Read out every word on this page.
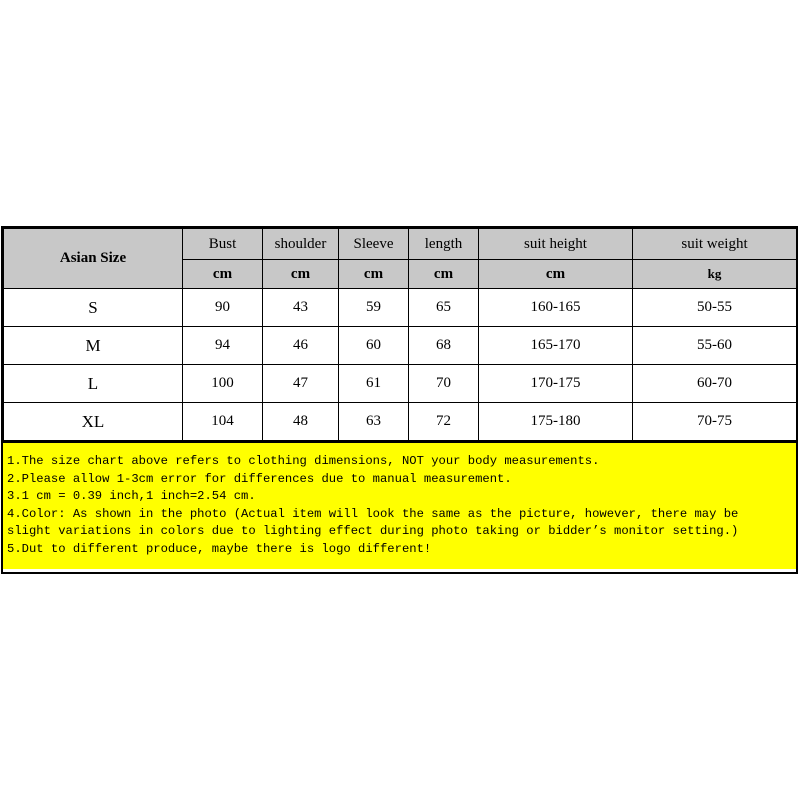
Asian Size	Bust	shoulder	Sleeve	length	suit height	suit weight
	cm	cm	cm	cm	cm	kg
S	90	43	59	65	160-165	50-55
M	94	46	60	68	165-170	55-60
L	100	47	61	70	170-175	60-70
XL	104	48	63	72	175-180	70-75
1.The size chart above refers to clothing dimensions, NOT your body measurements.
2.Please allow 1-3cm error for differences due to manual measurement.
3.1 cm = 0.39 inch,1 inch=2.54 cm.
4.Color: As shown in the photo (Actual item will look the same as the picture, however, there may be
slight variations in colors due to lighting effect during photo taking or bidder’s monitor setting.)
5.Dut to different produce, maybe there is logo different!
